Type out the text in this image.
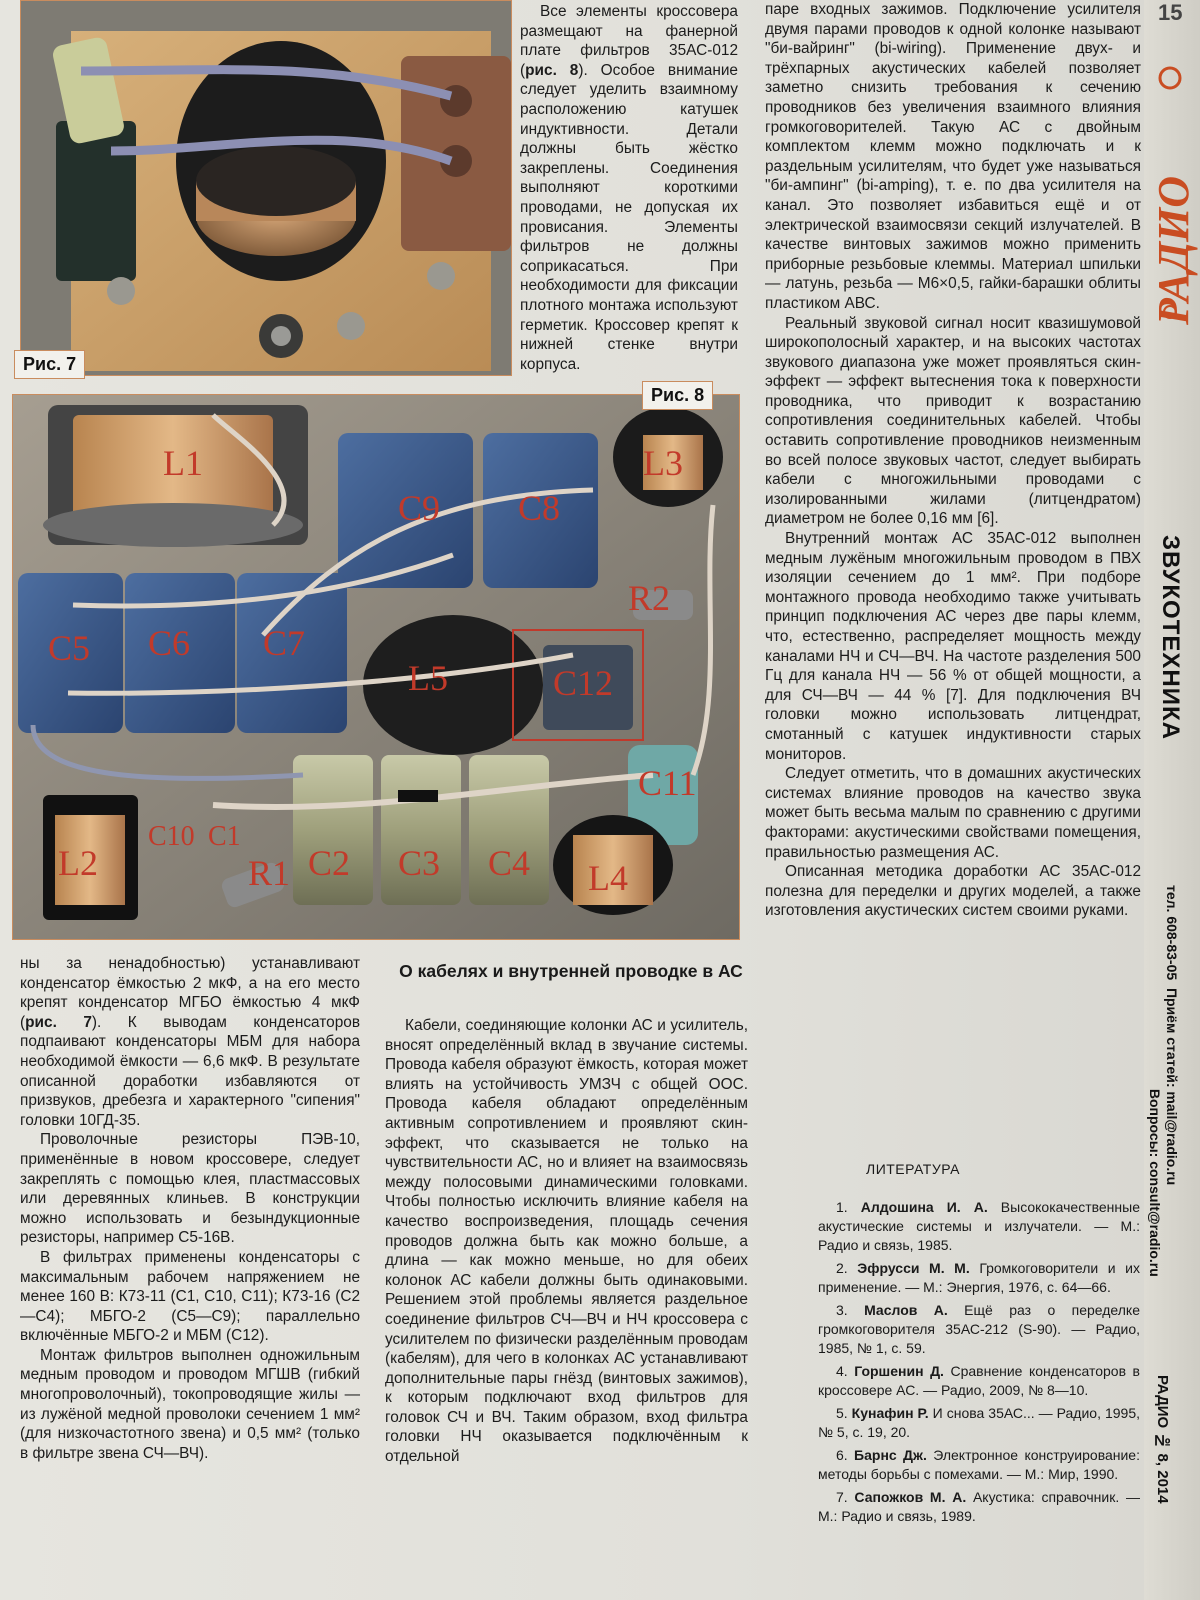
15
РАДИО
ЗВУКОТЕХНИКА
тел. 608-83-05  Приём статей: mail@radio.ru
Вопросы: consult@radio.ru
РАДИО № 8, 2014
Рис. 7

Все элементы кроссовера размещают на фанерной плате фильтров 35АС-012 (рис. 8). Особое внимание следует уделить взаимному расположению катушек индуктивности. Детали должны быть жёстко закреплены. Соединения выполняют короткими проводами, не допуская их провисания. Элементы фильтров не должны соприкасаться. При необходимости для фиксации плотного монтажа используют герметик. Кроссовер крепят к нижней стенке внутри корпуса.

L1
C9 C8
L3
C5 C6 C7
R2
L5	C12
C11
C10 C1
L2	R1 C2 C3 C4 L4
Рис. 8

ны за ненадобностью) устанавливают конденсатор ёмкостью 2 мкФ, а на его место крепят конденсатор МГБО ёмкостью 4 мкФ (рис. 7). К выводам конденсаторов подпаивают конденсаторы МБМ для набора необходимой ёмкости — 6,6 мкФ. В результате описанной доработки избавляются от призвуков, дребезга и характерного "сипения" головки 10ГД-35.

Проволочные резисторы ПЭВ-10, применённые в новом кроссовере, следует закреплять с помощью клея, пластмассовых или деревянных клиньев. В конструкции можно использовать и безындукционные резисторы, например С5-16В.

В фильтрах применены конденсаторы с максимальным рабочем напряжением не менее 160 В: К73-11 (С1, С10, С11); К73-16 (С2—С4); МБГО-2 (С5—С9); параллельно включённые МБГО-2 и МБМ (С12).

Монтаж фильтров выполнен одножильным медным проводом и проводом МГШВ (гибкий многопроволочный), токопроводящие жилы — из лужёной медной проволоки сечением 1 мм² (для низкочастотного звена) и 0,5 мм² (только в фильтре звена СЧ—ВЧ).

О кабелях и внутренней проводке в АС

Кабели, соединяющие колонки АС и усилитель, вносят определённый вклад в звучание системы. Провода кабеля образуют ёмкость, которая может влиять на устойчивость УМЗЧ с общей ООС. Провода кабеля обладают определённым активным сопротивлением и проявляют скин-эффект, что сказывается не только на чувствительности АС, но и влияет на взаимосвязь между полосовыми динамическими головками. Чтобы полностью исключить влияние кабеля на качество воспроизведения, площадь сечения проводов должна быть как можно больше, а длина — как можно меньше, но для обеих колонок АС кабели должны быть одинаковыми. Решением этой проблемы является раздельное соединение фильтров СЧ—ВЧ и НЧ кроссовера с усилителем по физически разделённым проводам (кабелям), для чего в колонках АС устанавливают дополнительные пары гнёзд (винтовых зажимов), к которым подключают вход фильтров для головок СЧ и ВЧ. Таким образом, вход фильтра головки НЧ оказывается подключённым к отдельной

паре входных зажимов. Подключение усилителя двумя парами проводов к одной колонке называют "би-вайринг" (bi-wiring). Применение двух- и трёхпарных акустических кабелей позволяет заметно снизить требования к сечению проводников без увеличения взаимного влияния громкоговорителей. Такую АС с двойным комплектом клемм можно подключать и к раздельным усилителям, что будет уже называться "би-ампинг" (bi-amping), т. е. по два усилителя на канал. Это позволяет избавиться ещё и от электрической взаимосвязи секций излучателей. В качестве винтовых зажимов можно применить приборные резьбовые клеммы. Материал шпильки — латунь, резьба — М6×0,5, гайки-барашки облиты пластиком АВС.

Реальный звуковой сигнал носит квазишумовой широкополосный характер, и на высоких частотах звукового диапазона уже может проявляться скин-эффект — эффект вытеснения тока к поверхности проводника, что приводит к возрастанию сопротивления соединительных кабелей. Чтобы оставить сопротивление проводников неизменным во всей полосе звуковых частот, следует выбирать кабели с многожильными проводами с изолированными жилами (литцендратом) диаметром не более 0,16 мм [6].

Внутренний монтаж АС 35АС-012 выполнен медным лужёным многожильным проводом в ПВХ изоляции сечением до 1 мм². При подборе монтажного провода необходимо также учитывать принцип подключения АС через две пары клемм, что, естественно, распределяет мощность между каналами НЧ и СЧ—ВЧ. На частоте разделения 500 Гц для канала НЧ — 56 % от общей мощности, а для СЧ—ВЧ — 44 % [7]. Для подключения ВЧ головки можно использовать литцендрат, смотанный с катушек индуктивности старых мониторов.

Следует отметить, что в домашних акустических системах влияние проводов на качество звука может быть весьма малым по сравнению с другими факторами: акустическими свойствами помещения, правильностью размещения АС.

Описанная методика доработки АС 35АС-012 полезна для переделки и других моделей, а также изготовления акустических систем своими руками.

ЛИТЕРАТУРА

1. Алдошина И. А. Высококачественные акустические системы и излучатели. — М.: Радио и связь, 1985.

2. Эфрусси М. М. Громкоговорители и их применение. — М.: Энергия, 1976, с. 64—66.

3. Маслов А. Ещё раз о переделке громкоговорителя 35АС-212 (S-90). — Радио, 1985, № 1, с. 59.

4. Горшенин Д. Сравнение конденсаторов в кроссовере АС. — Радио, 2009, № 8—10.

5. Кунафин Р. И снова 35АС... — Радио, 1995, № 5, с. 19, 20.

6. Барнс Дж. Электронное конструирование: методы борьбы с помехами. — М.: Мир, 1990.

7. Сапожков М. А. Акустика: справочник. — М.: Радио и связь, 1989.
